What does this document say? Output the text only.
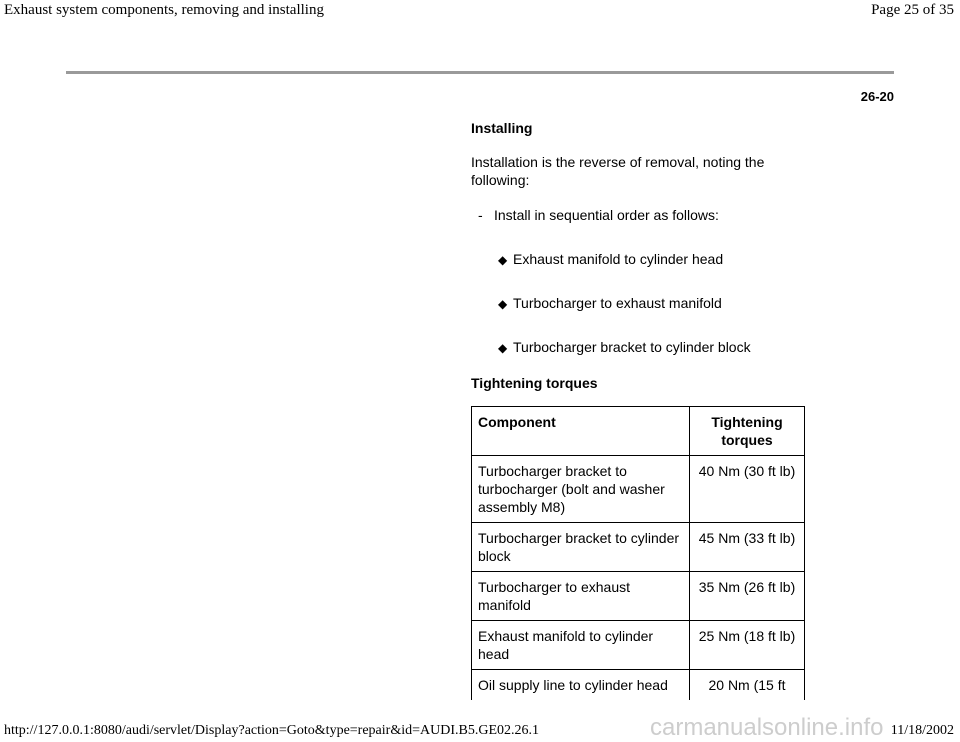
Exhaust system components, removing and installing	Page 25 of 35
26-20
Installing
Installation is the reverse of removal, noting the following:
- Install in sequential order as follows:
◆ Exhaust manifold to cylinder head
◆ Turbocharger to exhaust manifold
◆ Turbocharger bracket to cylinder block
Tightening torques
Component	Tightening torques
Turbocharger bracket to turbocharger (bolt and washer assembly M8)	40 Nm (30 ft lb)
Turbocharger bracket to cylinder block	45 Nm (33 ft lb)
Turbocharger to exhaust manifold	35 Nm (26 ft lb)
Exhaust manifold to cylinder head	25 Nm (18 ft lb)
Oil supply line to cylinder head	20 Nm (15 ft
http://127.0.0.1:8080/audi/servlet/Display?action=Goto&type=repair&id=AUDI.B5.GE02.26.1	carmanualsonline.info 11/18/2002
